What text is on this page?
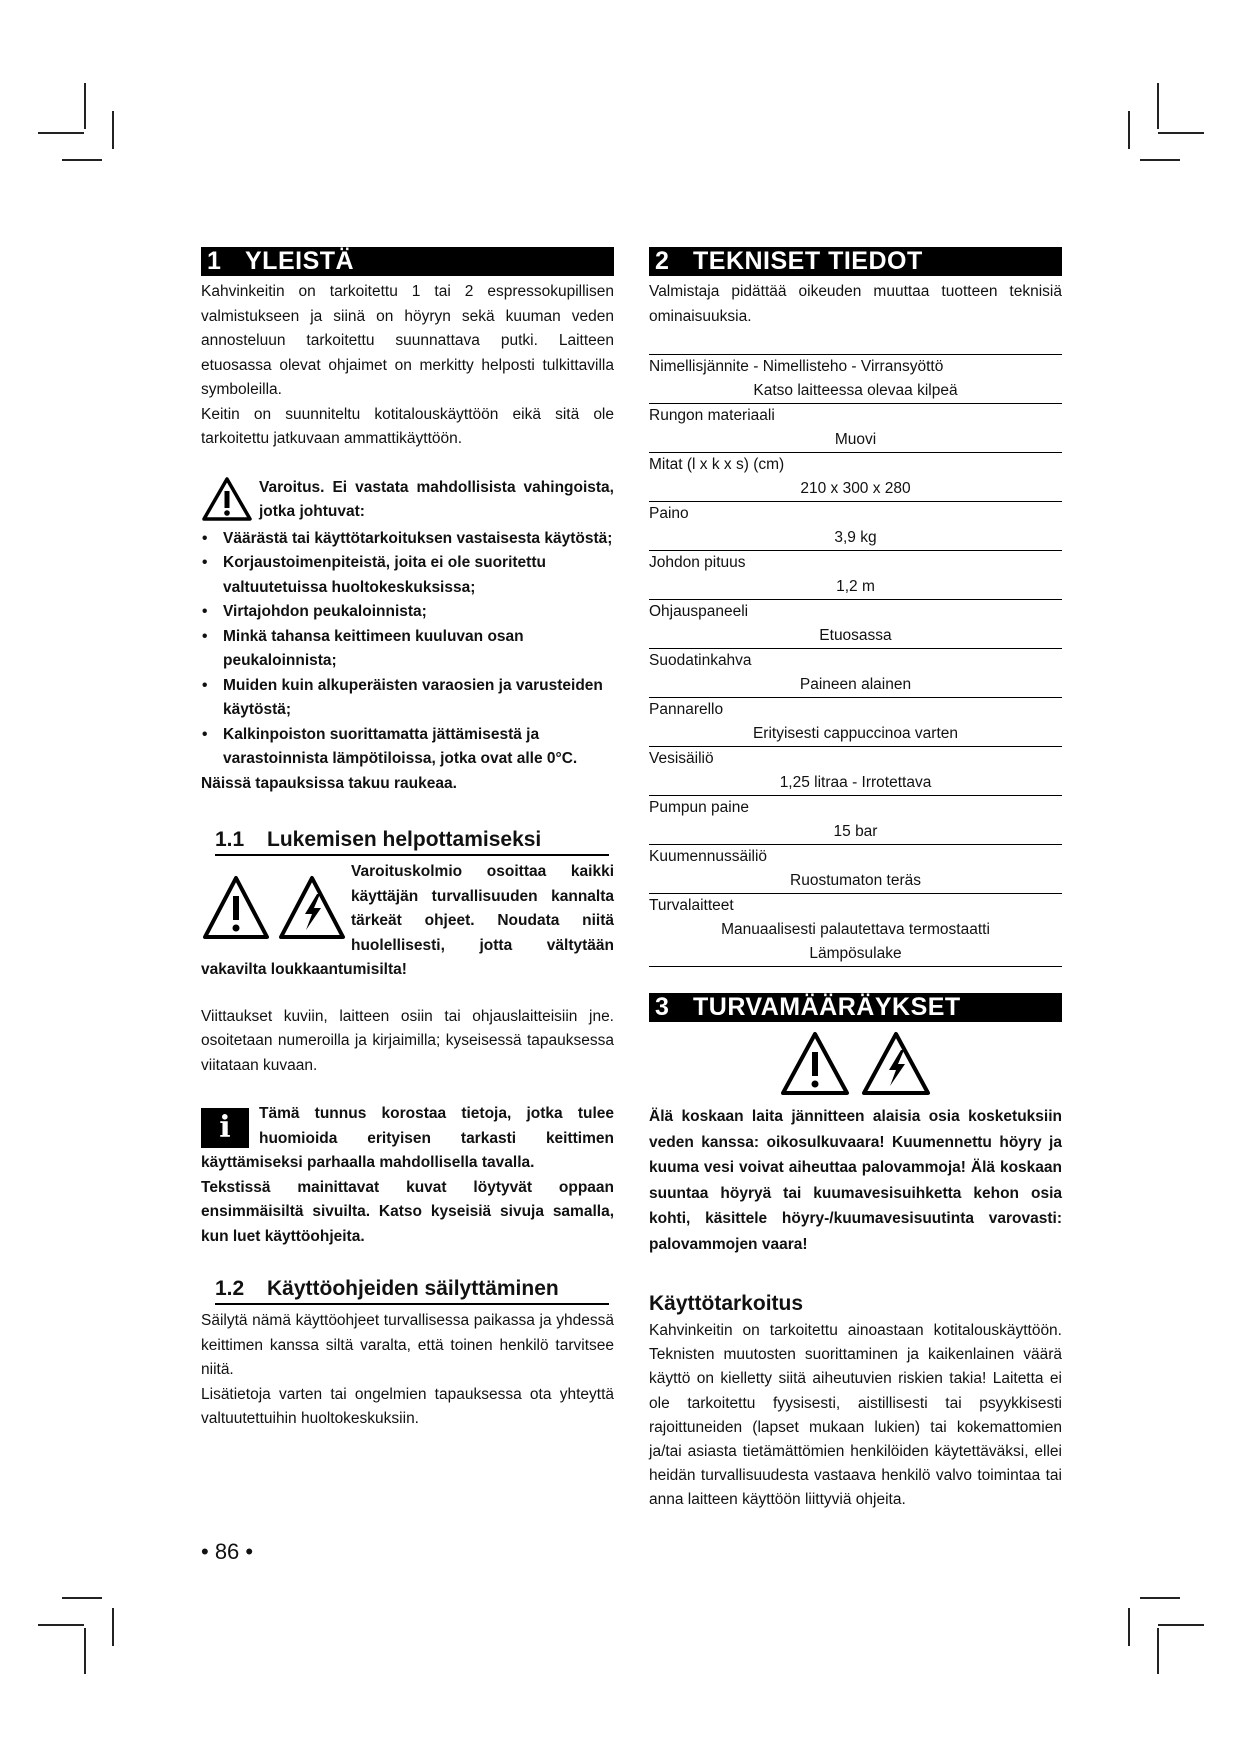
1 YLEISTÄ

Kahvinkeitin on tarkoitettu 1 tai 2 espressokupillisen valmistukseen ja siinä on höyryn sekä kuuman veden annosteluun tarkoitettu suunnattava putki. Laitteen etuosassa olevat ohjaimet on merkitty helposti tulkittavilla symboleilla.

Keitin on suunniteltu kotitalouskäyttöön eikä sitä ole tarkoitettu jatkuvaan ammattikäyttöön.

Varoitus. Ei vastata mahdollisista vahingoista, jotka johtuvat:

• Väärästä tai käyttötarkoituksen vastaisesta käytöstä;
• Korjaustoimenpiteistä, joita ei ole suoritettu valtuutetuissa huoltokeskuksissa;
• Virtajohdon peukaloinnista;
• Minkä tahansa keittimeen kuuluvan osan peukaloinnista;
• Muiden kuin alkuperäisten varaosien ja varusteiden käytöstä;
• Kalkinpoiston suorittamatta jättämisestä ja varastoinnista lämpötiloissa, jotka ovat alle 0°C.

Näissä tapauksissa takuu raukeaa.

1.1 Lukemisen helpottamiseksi

Varoituskolmio osoittaa kaikki käyttäjän turvallisuuden kannalta tärkeät ohjeet. Noudata niitä huolellisesti, jotta vältytään vakavilta loukkaantumisilta!

Viittaukset kuviin, laitteen osiin tai ohjauslaitteisiin jne. osoitetaan numeroilla ja kirjaimilla; kyseisessä tapauksessa viitataan kuvaan.

i	Tämä tunnus korostaa tietoja, jotka tulee huomioida erityisen tarkasti keittimen käyttämiseksi parhaalla mahdollisella tavalla.

Tekstissä mainittavat kuvat löytyvät oppaan ensimmäisiltä sivuilta. Katso kyseisiä sivuja samalla, kun luet käyttöohjeita.

1.2 Käyttöohjeiden säilyttäminen

Säilytä nämä käyttöohjeet turvallisessa paikassa ja yhdessä keittimen kanssa siltä varalta, että toinen henkilö tarvitsee niitä.

Lisätietoja varten tai ongelmien tapauksessa ota yhteyttä valtuutettuihin huoltokeskuksiin.

2 TEKNISET TIEDOT

Valmistaja pidättää oikeuden muuttaa tuotteen teknisiä ominaisuuksia.

Nimellisjännite - Nimellisteho - Virransyöttö
Katso laitteessa olevaa kilpeä
Rungon materiaali
Muovi
Mitat (l x k x s) (cm)
210 x 300 x 280
Paino
3,9 kg
Johdon pituus
1,2 m
Ohjauspaneeli
Etuosassa
Suodatinkahva
Paineen alainen
Pannarello
Erityisesti cappuccinoa varten
Vesisäiliö
1,25 litraa - Irrotettava
Pumpun paine
15 bar
Kuumennussäiliö
Ruostumaton teräs
Turvalaitteet
Manuaalisesti palautettava termostaatti
Lämpösulake
3 TURVAMÄÄRÄYKSET

Älä koskaan laita jännitteen alaisia osia kosketuksiin veden kanssa: oikosulkuvaara! Kuumennettu höyry ja kuuma vesi voivat aiheuttaa palovammoja! Älä koskaan suuntaa höyryä tai kuumavesisuihketta kehon osia kohti, käsittele höyry-/kuumavesisuutinta varovasti: palovammojen vaara!

Käyttötarkoitus

Kahvinkeitin on tarkoitettu ainoastaan kotitalouskäyttöön. Teknisten muutosten suorittaminen ja kaikenlainen väärä käyttö on kielletty siitä aiheutuvien riskien takia! Laitetta ei ole tarkoitettu fyysisesti, aistillisesti tai psyykkisesti rajoittuneiden (lapset mukaan lukien) tai kokemattomien ja/tai asiasta tietämättömien henkilöiden käytettäväksi, ellei heidän turvallisuudesta vastaava henkilö valvo toimintaa tai anna laitteen käyttöön liittyviä ohjeita.

• 86 •
